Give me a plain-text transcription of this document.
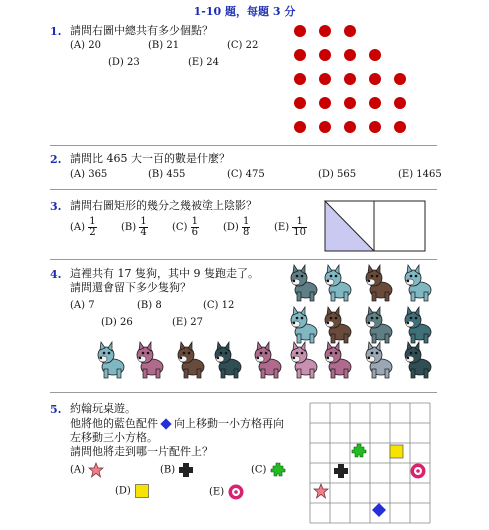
1-10 題，每題 3 分
1. 請問右圖中總共有多少個點？
(A) 20	(B) 21	(C) 22
(D) 23	(E) 24
2. 請問比 465 大一百的數是什麼？
(A) 365	(B) 455	(C) 475	(D) 565	(E) 1465
3. 請問右圖矩形的幾分之幾被塗上陰影？
$(A) \frac{1}{2} (B) \frac{1}{4} (C) \frac{1}{6} (D) \frac{1}{8} (E) \frac{1}{10}$
4. 這裡共有 17 隻狗，其中 9 隻跑走了。
請問還會留下多少隻狗？
(A) 7	(B) 8	(C) 12
(D) 26	(E) 27
5. 約翰玩桌遊。
他將他的藍色配件 向上移動一小方格再向
左移動三小方格。
請問他將走到哪一片配件上？
(A)	(B)	(C)
(D)	(E)
